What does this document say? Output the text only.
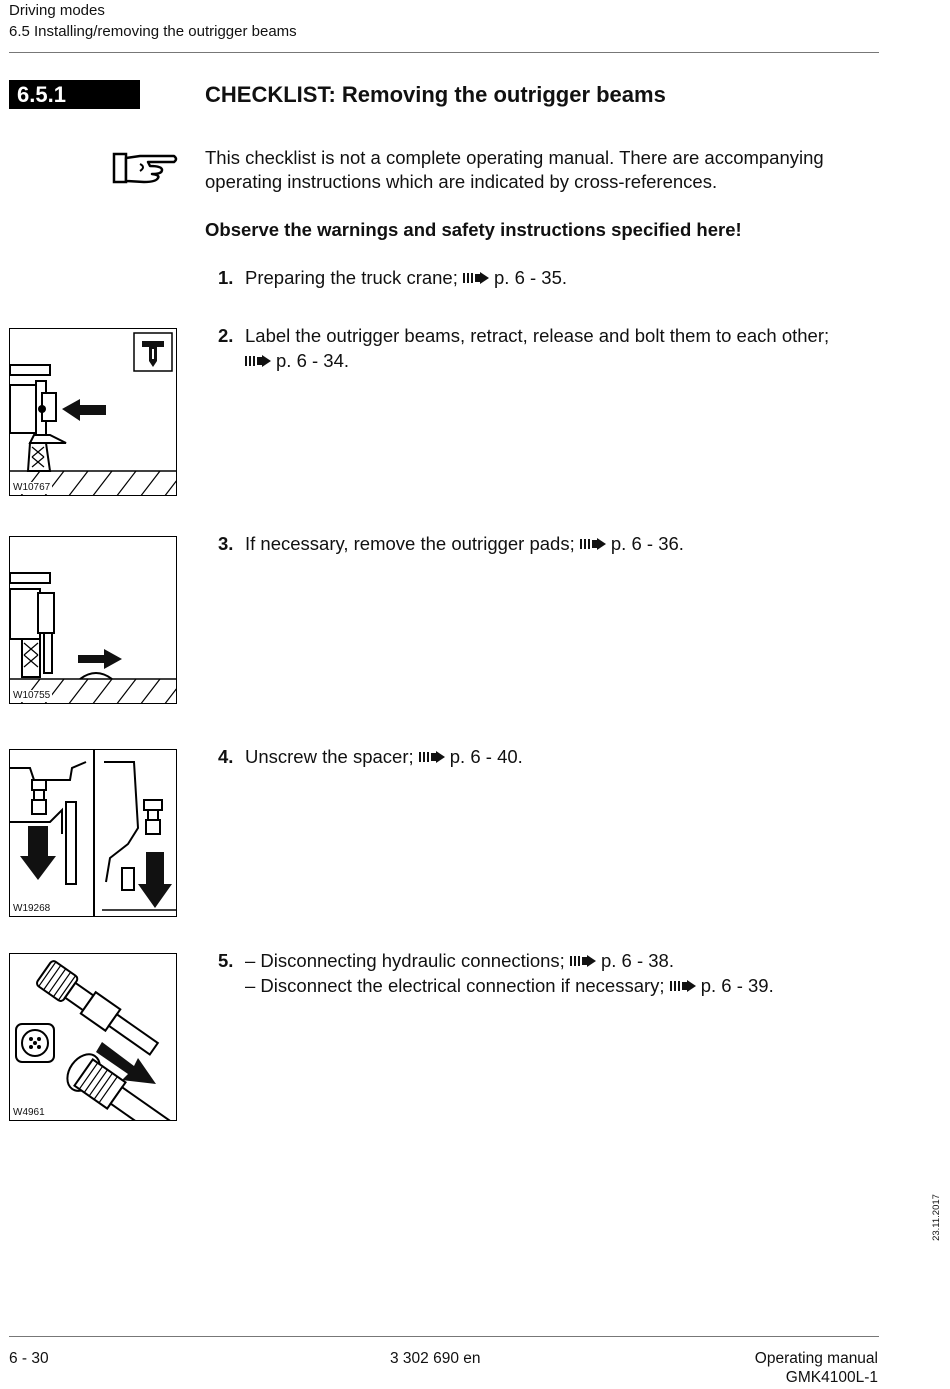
Driving modes
6.5 Installing/removing the outrigger beams
6.5.1	CHECKLIST: Removing the outrigger beams
This checklist is not a complete operating manual. There are accompanying operating instructions which are indicated by cross-references.
Observe the warnings and safety instructions specified here!
1. Preparing the truck crane; p. 6 - 35.
2. Label the outrigger beams, retract, release and bolt them to each other;
p. 6 - 34.
3. If necessary, remove the outrigger pads; p. 6 - 36.
4. Unscrew the spacer; p. 6 - 40.
5. – Disconnecting hydraulic connections; p. 6 - 38.
– Disconnect the electrical connection if necessary; p. 6 - 39.
W10767
W10755
W19268
W4961
23.11.2017
6 - 30	3 302 690 en	Operating manual
GMK4100L-1
